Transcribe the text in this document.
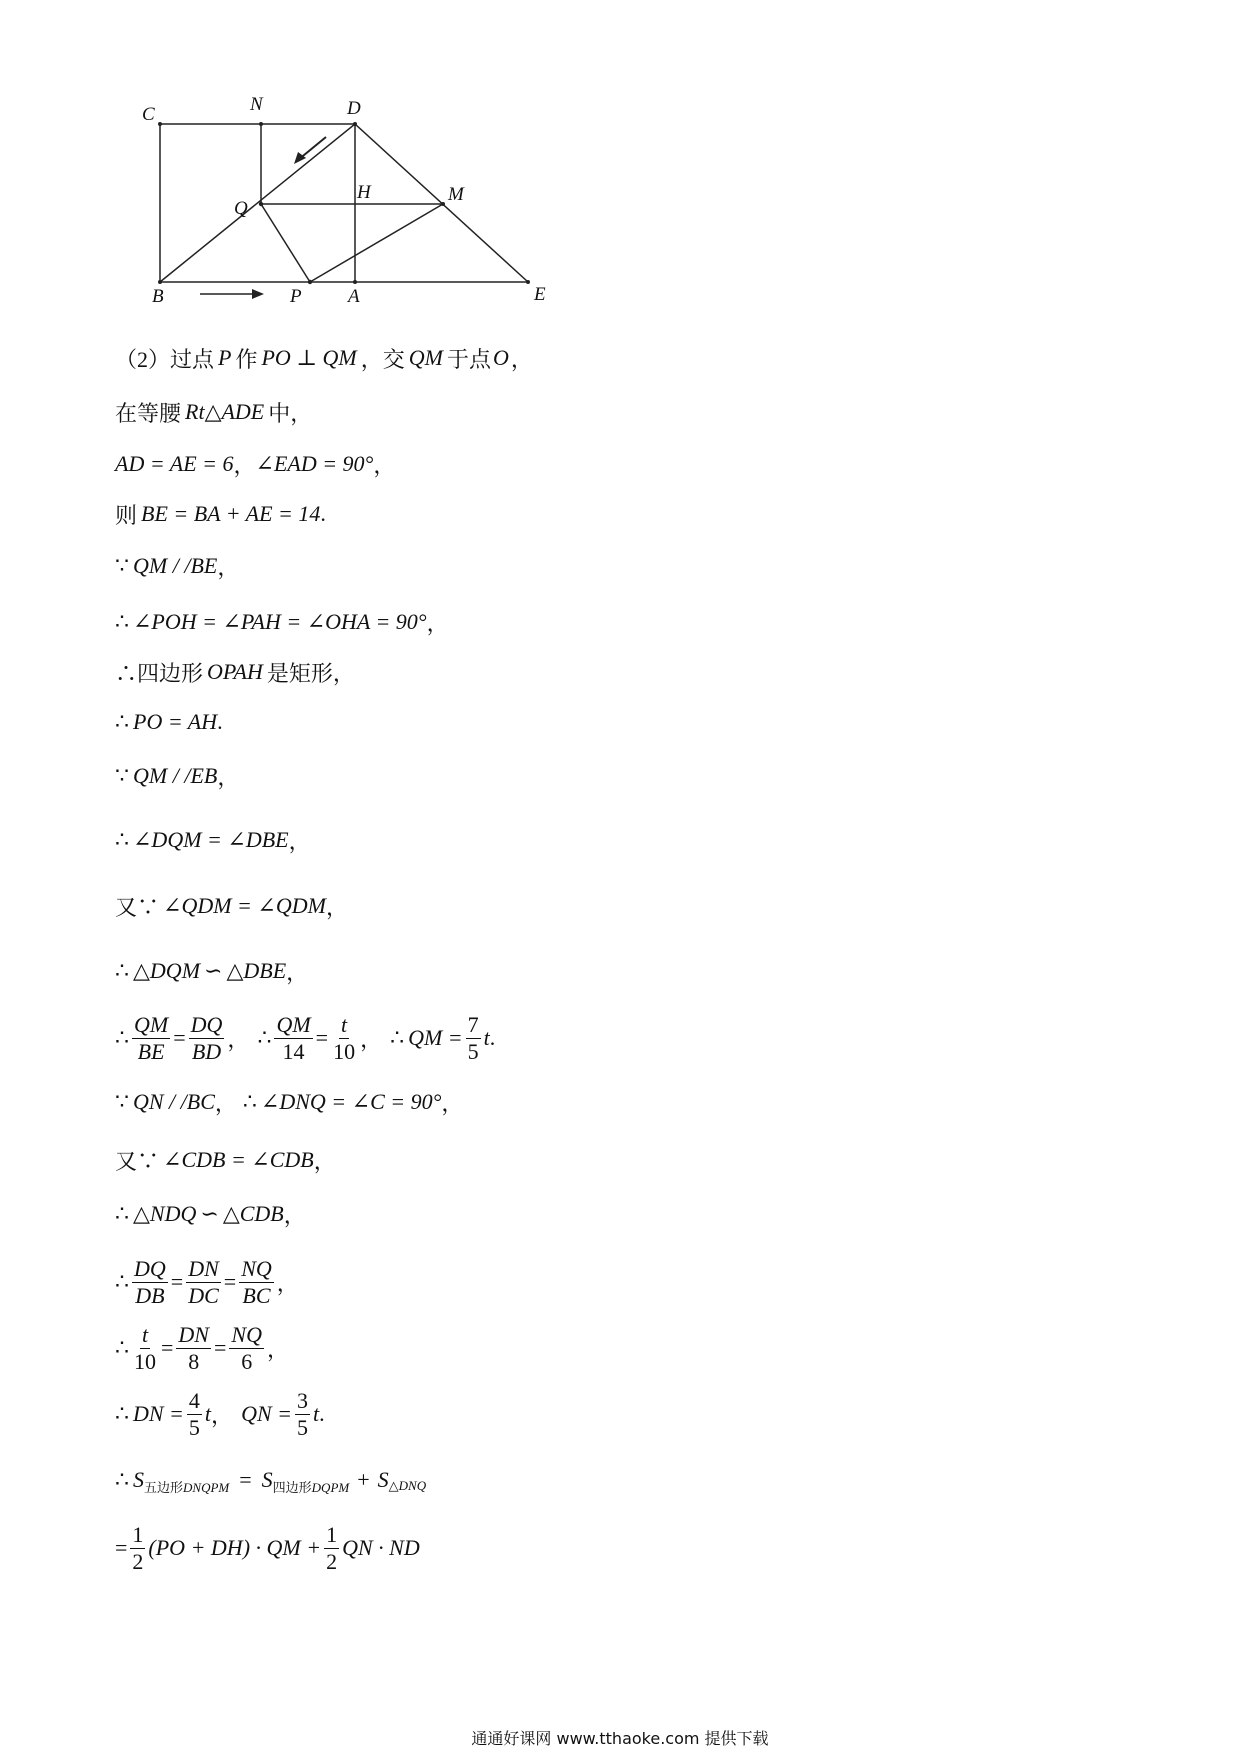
C	N	D
Q
H	M
B	P A	E
（2）过点 P 作 PO ⊥ QM ，交 QM 于点 O ，
在等腰 Rt△ADE 中，
AD = AE = 6 ， ∠EAD = 90° ，
则 BE = BA + AE = 14 .
∵ QM / /BE ，
∴ ∠POH = ∠PAH = ∠OHA = 90° ，
∴四边形 OPAH 是矩形，
∴ PO = AH .
∵ QM / /EB ，
∴ ∠DQM = ∠DBE ，
又∵ ∠QDM = ∠QDM ，
∴ △DQM ∽ △DBE ，
∴ $\frac{QM}{BE} = \frac{DQ}{BD}$ ， ∴ $\frac{QM}{14} = \frac{t}{10}$ ， ∴ QM = $\frac{7}{5}$ t .
∵ QN / /BC ， ∴ ∠DNQ = ∠C = 90° ，
又∵ ∠CDB = ∠CDB ，
∴ △NDQ ∽ △CDB ，
∴ $\frac{DQ}{DB} = \frac{DN}{DC} = \frac{NQ}{BC}$ ，
∴ $\frac{t}{10} = \frac{DN}{8} = \frac{NQ}{6}$ ，
∴ DN = $\frac{4}{5}$ t ， QN = $\frac{3}{5}$ t .
∴ S 五边形DNQPM = S 四边形DQPM + S △DNQ
= $\frac{1}{2} (PO + DH)$ · QM + $\frac{1}{2}$ QN · ND
通通好课网 www.tthaoke.com 提供下载
